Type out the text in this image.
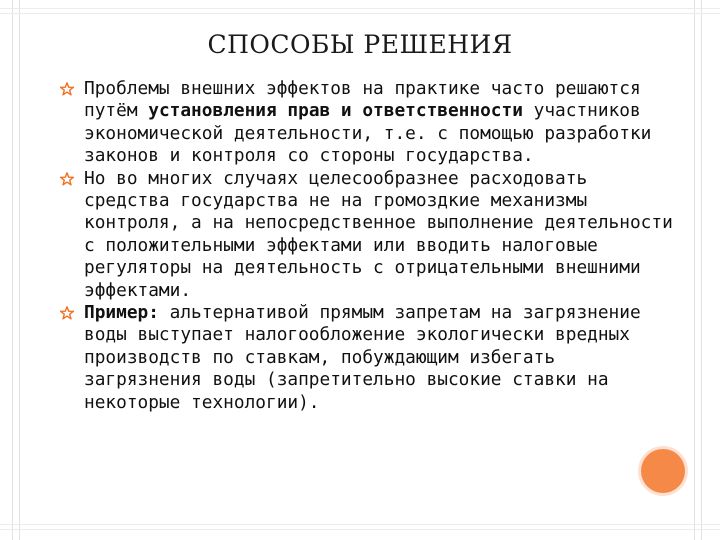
СПОСОБЫ РЕШЕНИЯ
Проблемы внешних эффектов на практике часто решаются путём установления прав и ответственности участников экономической деятельности, т.е. с помощью разработки законов и контроля со стороны государства.
Но во многих случаях целесообразнее расходовать средства государства не на громоздкие механизмы контроля, а на непосредственное выполнение деятельности с положительными эффектами или вводить налоговые регуляторы на деятельность с отрицательными внешними эффектами.
Пример: альтернативой прямым запретам на загрязнение воды выступает налогообложение экологически вредных производств по ставкам, побуждающим избегать загрязнения воды (запретительно высокие ставки на некоторые технологии).
